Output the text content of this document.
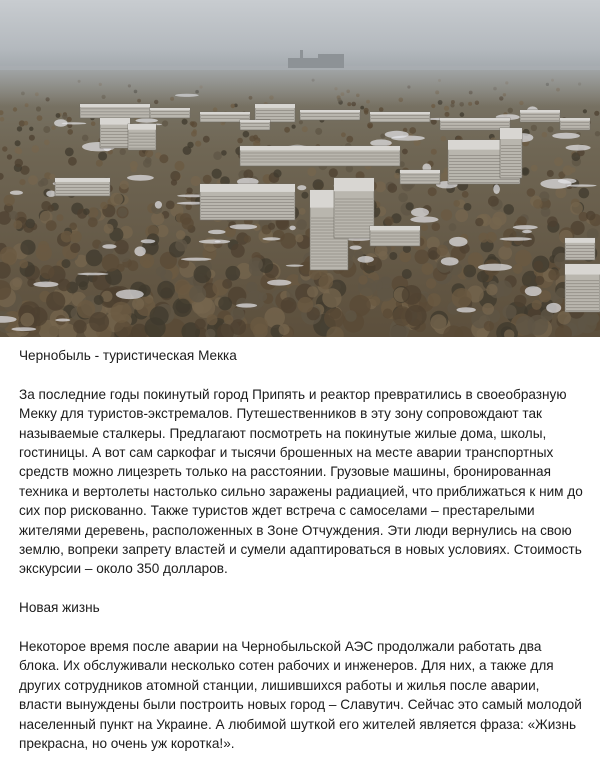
Чернобыль - туристическая Мекка

За последние годы покинутый город Припять и реактор превратились в своеобразную Мекку для туристов-экстремалов. Путешественников в эту зону сопровождают так называемые сталкеры. Предлагают посмотреть на покинутые жилые дома, школы, гостиницы. А вот сам саркофаг и тысячи брошенных на месте аварии транспортных средств можно лицезреть только на расстоянии. Грузовые машины, бронированная техника и вертолеты настолько сильно заражены радиацией, что приближаться к ним до сих пор рискованно. Также туристов ждет встреча с самоселами – престарелыми жителями деревень, расположенных в Зоне Отчуждения. Эти люди вернулись на свою землю, вопреки запрету властей и сумели адаптироваться в новых условиях. Стоимость экскурсии – около 350 долларов.

Новая жизнь

Некоторое время после аварии на Чернобыльской АЭС продолжали работать два блока. Их обслуживали несколько сотен рабочих и инженеров. Для них, а также для других сотрудников атомной станции, лишившихся работы и жилья после аварии, власти вынуждены были построить новых город – Славутич. Сейчас это самый молодой населенный пункт на Украине. А любимой шуткой его жителей является фраза: «Жизнь прекрасна, но очень уж коротка!».
